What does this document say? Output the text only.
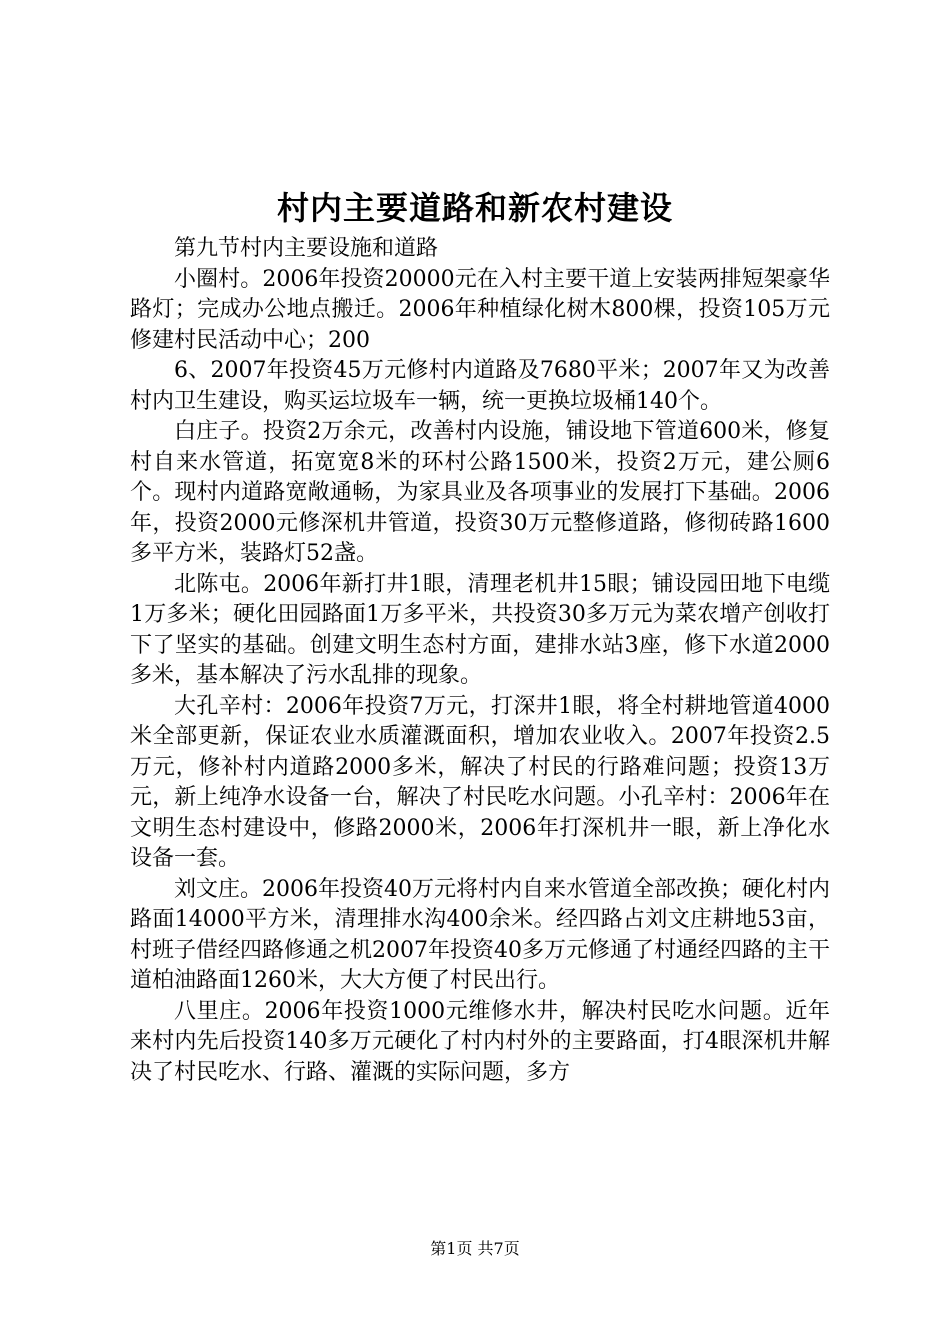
村内主要道路和新农村建设

第九节村内主要设施和道路

小圈村。2006年投资20000元在入村主要干道上安装两排短架豪华路灯；完成办公地点搬迁。2006年种植绿化树木800棵，投资105万元修建村民活动中心；200

6、2007年投资45万元修村内道路及7680平米；2007年又为改善村内卫生建设，购买运垃圾车一辆，统一更换垃圾桶140个。

白庄子。投资2万余元，改善村内设施，铺设地下管道600米，修复村自来水管道，拓宽宽8米的环村公路1500米，投资2万元，建公厕6个。现村内道路宽敞通畅，为家具业及各项事业的发展打下基础。2006年，投资2000元修深机井管道，投资30万元整修道路，修彻砖路1600多平方米，装路灯52盏。

北陈屯。2006年新打井1眼，清理老机井15眼；铺设园田地下电缆1万多米；硬化田园路面1万多平米，共投资30多万元为菜农增产创收打下了坚实的基础。创建文明生态村方面，建排水站3座，修下水道2000多米，基本解决了污水乱排的现象。

大孔辛村：2006年投资7万元，打深井1眼，将全村耕地管道4000米全部更新，保证农业水质灌溉面积，增加农业收入。2007年投资2.5万元，修补村内道路2000多米，解决了村民的行路难问题；投资13万元，新上纯净水设备一台，解决了村民吃水问题。小孔辛村：2006年在文明生态村建设中，修路2000米，2006年打深机井一眼，新上净化水设备一套。

刘文庄。2006年投资40万元将村内自来水管道全部改换；硬化村内路面14000平方米，清理排水沟400余米。经四路占刘文庄耕地53亩，村班子借经四路修通之机2007年投资40多万元修通了村通经四路的主干道柏油路面1260米，大大方便了村民出行。

八里庄。2006年投资1000元维修水井，解决村民吃水问题。近年来村内先后投资140多万元硬化了村内村外的主要路面，打4眼深机井解决了村民吃水、行路、灌溉的实际问题，多方

第1页 共7页
